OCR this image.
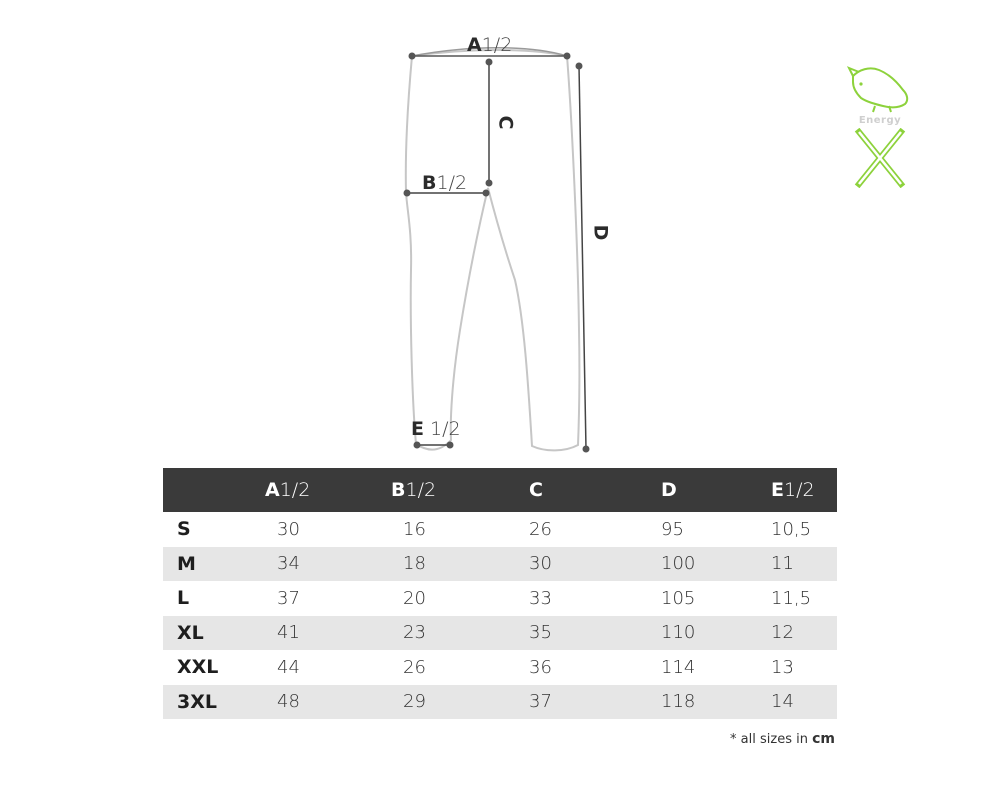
A1/2
B1/2
C
D
E 1/2
Energy
	A1/2	B1/2	C	D	E1/2
S	30	16	26	95	10,5
M	34	18	30	100	11
L	37	20	33	105	11,5
XL	41	23	35	110	12
XXL	44	26	36	114	13
3XL	48	29	37	118	14
* all sizes in cm
